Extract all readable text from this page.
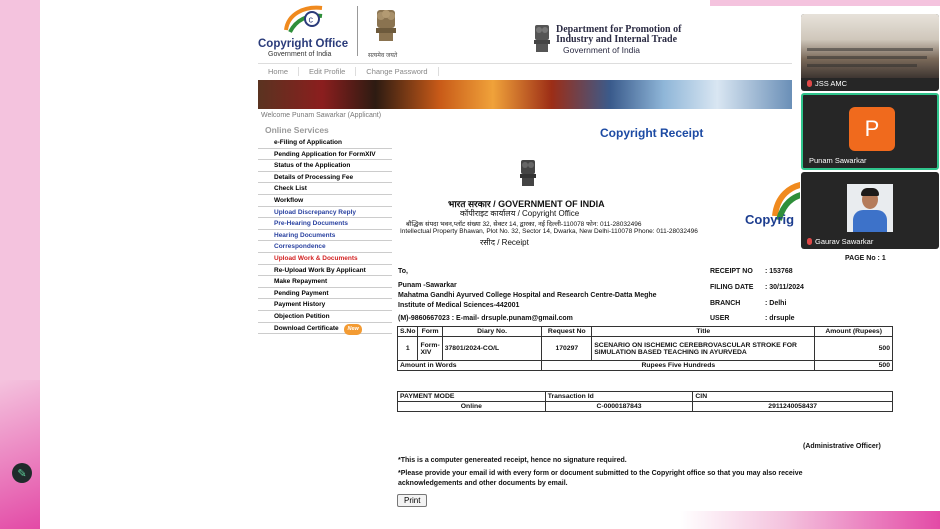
✎
c
Copyright Office
Government of India	सत्यमेव जयते
Department for Promotion of
Industry and Internal Trade
Government of India
Home	Edit Profile	Change Password
Welcome Punam Sawarkar (Applicant)
Online Services
e-Filing of Application
Pending Application for FormXIV
Status of the Application
Details of Processing Fee
Check List
Workflow
Upload Discrepancy Reply
Pre-Hearing Documents
Hearing Documents
Correspondence
Upload Work & Documents
Re-Upload Work By Applicant
Make Repayment
Pending Payment
Payment History
Objection Petition
Download Certificate New
Copyright Receipt
भारत सरकार / GOVERNMENT OF INDIA
कॉपीराइट कार्यालय / Copyright Office
बौद्धिक संपदा भवन,प्लॉट संख्या 32, सेक्टर 14, द्वारका, नई दिल्ली-110078 फोन: 011-28032496
Intellectual Property Bhawan, Plot No. 32, Sector 14, Dwarka, New Delhi-110078 Phone: 011-28032496
रसीद / Receipt
Copyrig
PAGE No : 1
To,
Punam -Sawarkar
Mahatma Gandhi Ayurved College Hospital and Research Centre-Datta Meghe
Institute of Medical Sciences-442001
(M)-9860667023 : E-mail- drsuple.punam@gmail.com
RECEIPT NO : 153768
FILING DATE : 30/11/2024
BRANCH	: Delhi
USER	: drsuple
S.No	Form	Diary No.	Request No	Title	Amount (Rupees)
1	Form-XIV	37801/2024-CO/L	170297	SCENARIO ON ISCHEMIC CEREBROVASCULAR STROKE FOR SIMULATION BASED TEACHING IN AYURVEDA	500
Amount in Words			Rupees Five Hundreds		500
PAYMENT MODE	Transaction Id	CIN
Online	C-0000187843	2911240058437
(Administrative Officer)
*This is a computer genereated receipt, hence no signature required.
*Please provide your email id with every form or document submitted to the Copyright office so that you may also receive acknowledgements and other documents by email.
Print
JSS AMC
P
Punam Sawarkar
Gaurav Sawarkar
